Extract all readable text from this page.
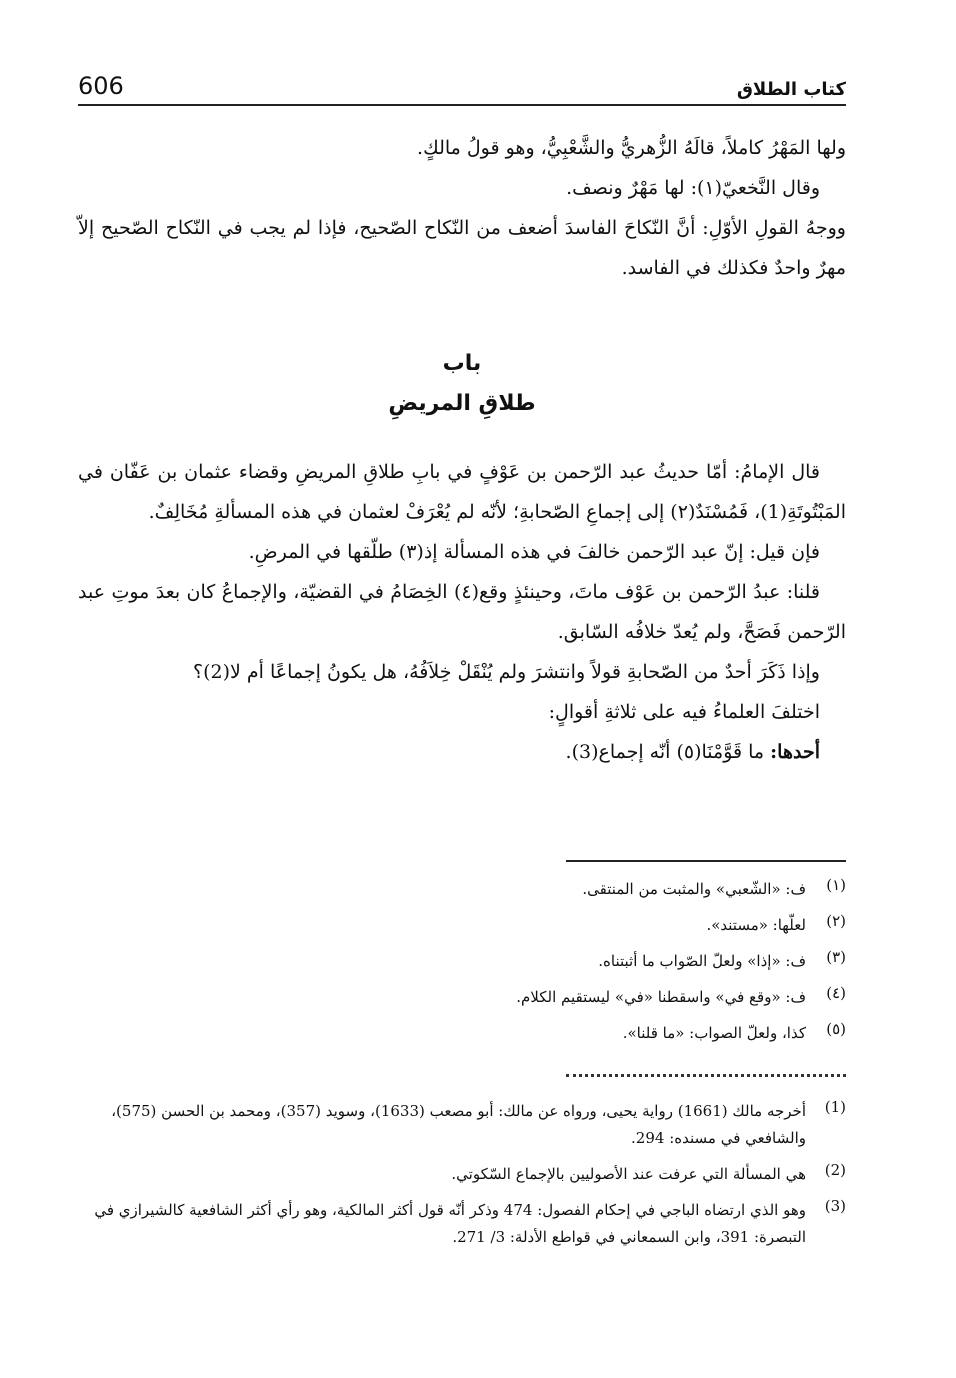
606	كتاب الطلاق

ولها المَهْرُ كاملاً، قالَهُ الزُّهريُّ والشَّعْبِيُّ، وهو قولُ مالكٍ.

وقال النَّخعيّ(١): لها مَهْرٌ ونصف.

ووجهُ القولِ الأوّلِ: أنَّ النّكاحَ الفاسدَ أضعف من النّكاح الصّحيح، فإذا لم يجب في النّكاح الصّحيح إلاّ مهرٌ واحدٌ فكذلك في الفاسد.

باب
طلاقِ المريضِ

قال الإمامُ: أمّا حديثُ عبد الرّحمن بن عَوْفٍ في بابِ طلاقِ المريضِ وقضاء عثمان بن عَفّان في المَبْتُوتَةِ(1)، فَمُسْنَدٌ(٢) إلى إجماعِ الصّحابةِ؛ لأنّه لم يُعْرَفْ لعثمان في هذه المسألةِ مُخَالِفٌ.

فإن قيل: إنّ عبد الرّحمن خالفَ في هذه المسألة إذ(٣) طلّقها في المرضِ.

قلنا: عبدُ الرّحمن بن عَوْف ماتَ، وحينئذٍ وقع(٤) الخِصَامُ في القضيّة، والإجماعُ كان بعدَ موتِ عبد الرّحمن فَصَحَّ، ولم يُعدّ خلافُه السّابق.

وإذا ذَكَرَ أحدٌ من الصّحابةِ قولاً وانتشرَ ولم يُنْقَلْ خِلاَفُهُ، هل يكونُ إجماعًا أم لا(2)؟

اختلفَ العلماءُ فيه على ثلاثةِ أقوالٍ:

أحدها: ما قَوَّمْنَا(٥) أنّه إجماع(3).

(١)
ف: «الشّعبي» والمثبت من المنتقى.
(٢)
لعلّها: «مستند».
(٣)
ف: «إذا» ولعلّ الصّواب ما أثبتناه.
(٤)
ف: «وقع في» واسقطنا «في» ليستقيم الكلام.
(٥)
كذا، ولعلّ الصواب: «ما قلنا».
(1)
أخرجه مالك (1661) رواية يحيى، ورواه عن مالك: أبو مصعب (1633)، وسويد (357)، ومحمد بن الحسن (575)، والشافعي في مسنده: 294.
(2)
هي المسألة التي عرفت عند الأصوليين بالإجماع السّكوتي.
(3)
وهو الذي ارتضاه الباجي في إحكام الفصول: 474 وذكر أنّه قول أكثر المالكية، وهو رأي أكثر الشافعية كالشيرازي في التبصرة: 391، وابن السمعاني في قواطع الأدلة: 3/ 271.
